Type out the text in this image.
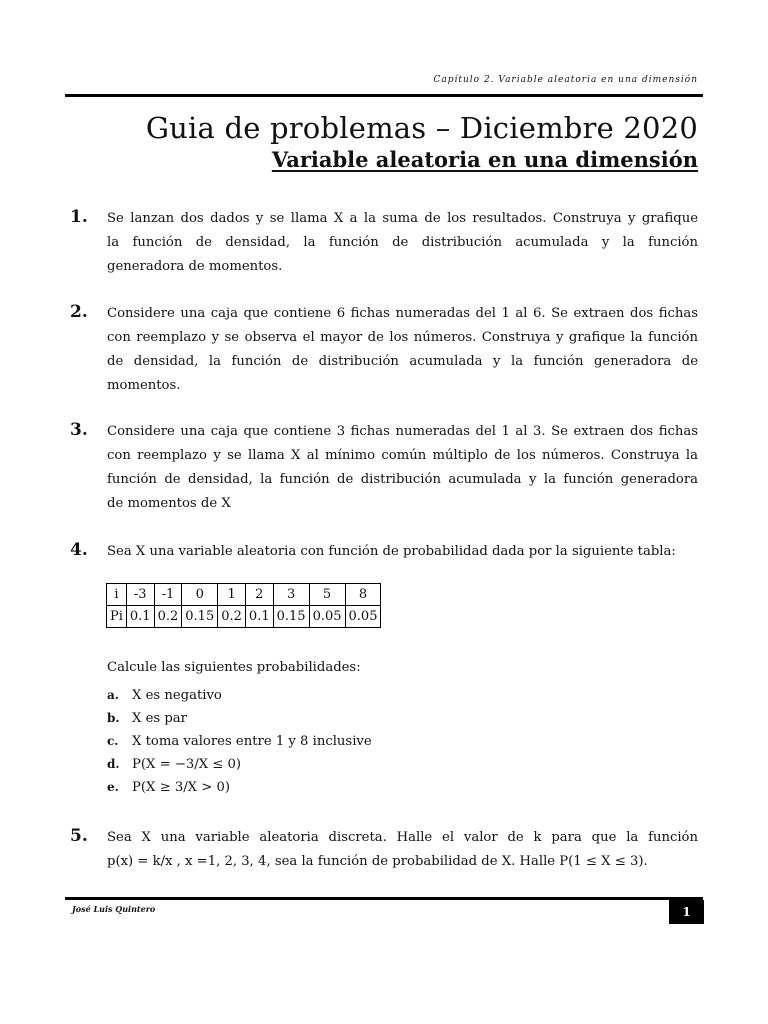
Capítulo 2. Variable aleatoria en una dimensión
Guia de problemas – Diciembre 2020
Variable aleatoria en una dimensión
1. Se lanzan dos dados y se llama X a la suma de los resultados. Construya y grafique
la función de densidad, la función de distribución acumulada y la función
generadora de momentos.
2. Considere una caja que contiene 6 fichas numeradas del 1 al 6. Se extraen dos fichas
con reemplazo y se observa el mayor de los números. Construya y grafique la función
de densidad, la función de distribución acumulada y la función generadora de
momentos.
3. Considere una caja que contiene 3 fichas numeradas del 1 al 3. Se extraen dos fichas
con reemplazo y se llama X al mínimo común múltiplo de los números. Construya la
función de densidad, la función de distribución acumulada y la función generadora
de momentos de X
4. Sea X una variable aleatoria con función de probabilidad dada por la siguiente tabla:
i	-3	-1	0	1	2	3	5	8
Pi	0.1	0.2	0.15	0.2	0.1	0.15	0.05	0.05
Calcule las siguientes probabilidades:
a. X es negativo
b. X es par
c. X toma valores entre 1 y 8 inclusive
d. P(X = −3/X ≤ 0)
e. P(X ≥ 3/X > 0)
5. Sea X una variable aleatoria discreta. Halle el valor de k para que la función
p(x) = k/x , x =1, 2, 3, 4, sea la función de probabilidad de X. Halle P(1 ≤ X ≤ 3).
José Luis Quintero	1
